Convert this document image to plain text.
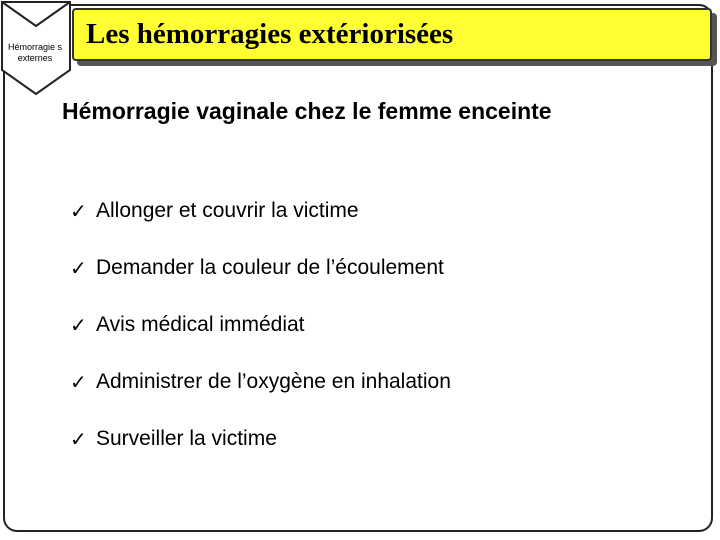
Hémorragie s externes
Les hémorragies extériorisées
Hémorragie vaginale chez le femme enceinte
✓ Allonger et couvrir la victime
✓ Demander la couleur de l’écoulement
✓ Avis médical immédiat
✓ Administrer de l’oxygène en inhalation
✓ Surveiller la victime
